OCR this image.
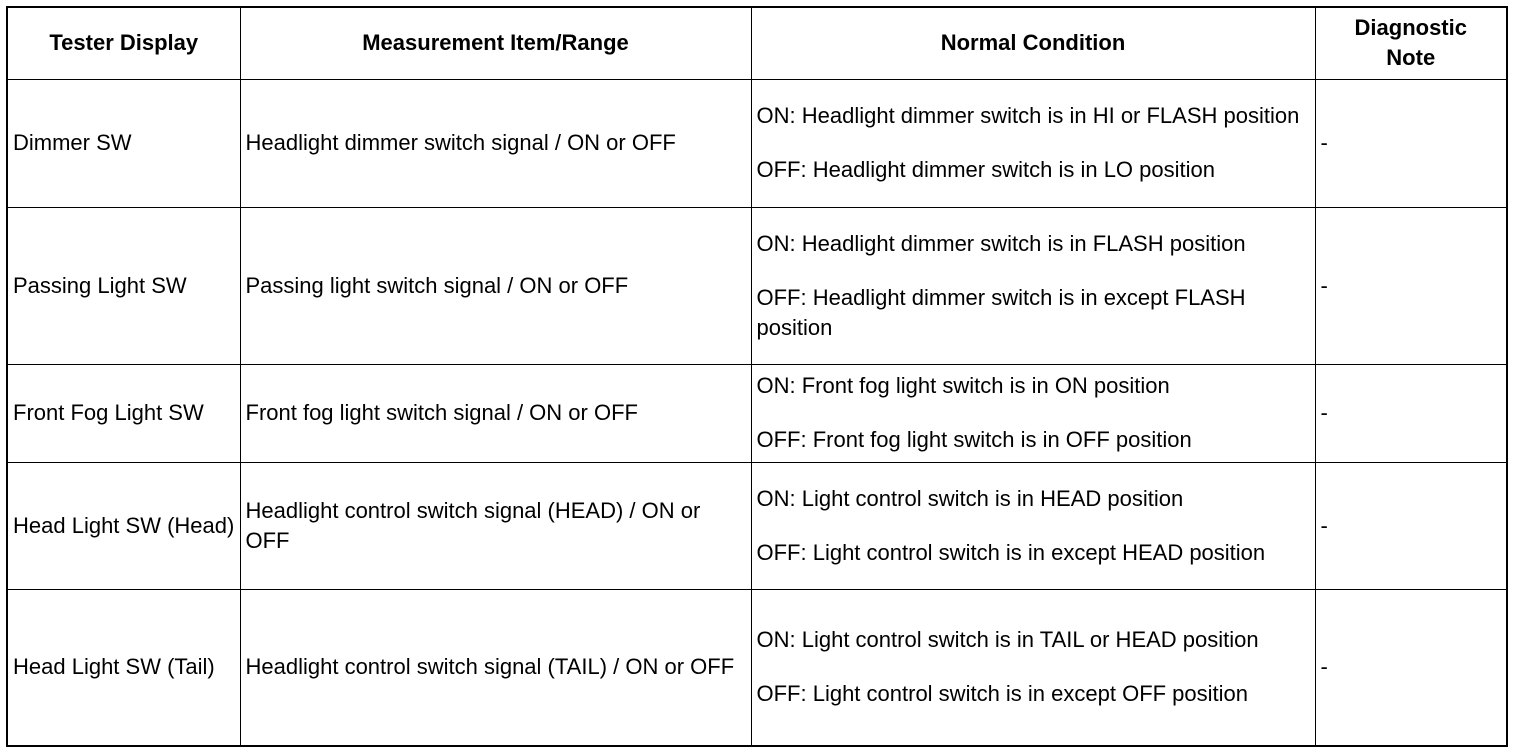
Tester Display	Measurement Item/Range	Normal Condition	Diagnostic
Note
Dimmer SW	Headlight dimmer switch signal / ON or OFF	ON: Headlight dimmer switch is in HI or FLASH position
OFF: Headlight dimmer switch is in LO position	-
Passing Light SW	Passing light switch signal / ON or OFF	ON: Headlight dimmer switch is in FLASH position
OFF: Headlight dimmer switch is in except FLASH position	-
Front Fog Light SW	Front fog light switch signal / ON or OFF	ON: Front fog light switch is in ON position
OFF: Front fog light switch is in OFF position	-
Head Light SW (Head)	Headlight control switch signal (HEAD) / ON or OFF	ON: Light control switch is in HEAD position
OFF: Light control switch is in except HEAD position	-
Head Light SW (Tail)	Headlight control switch signal (TAIL) / ON or OFF	ON: Light control switch is in TAIL or HEAD position
OFF: Light control switch is in except OFF position	-
